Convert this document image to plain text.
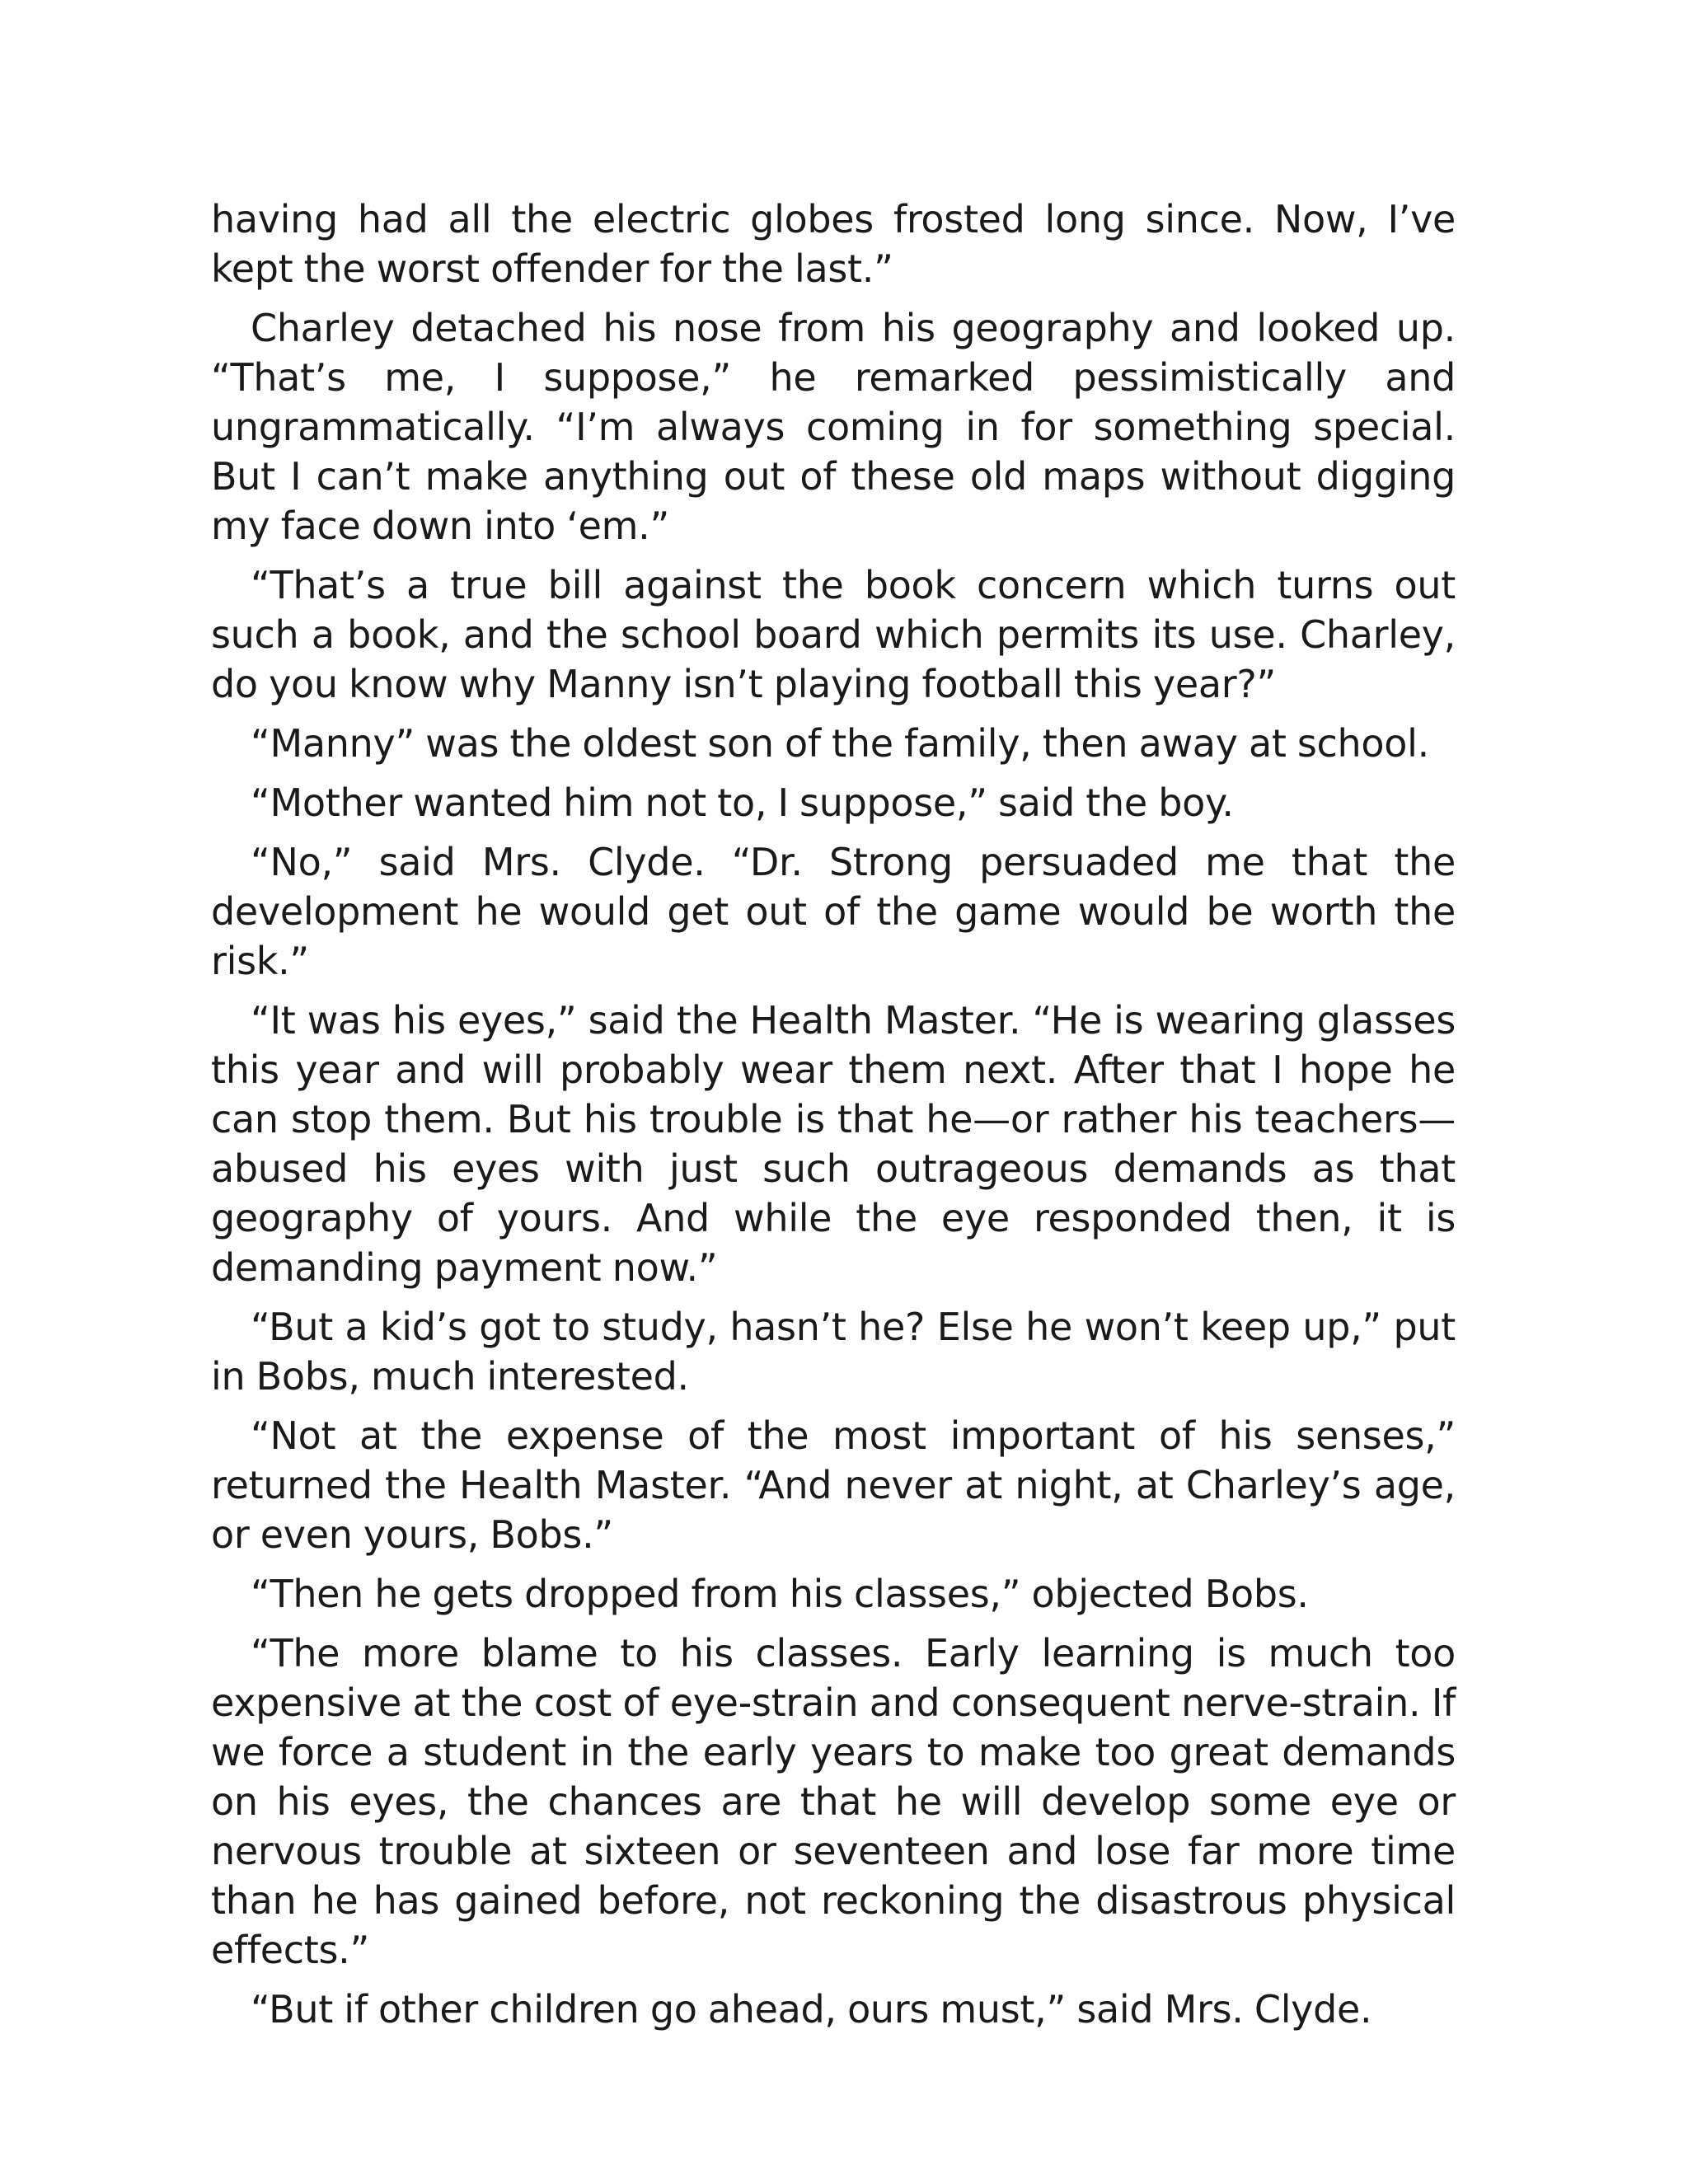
having had all the electric globes frosted long since. Now, I’ve kept the worst offender for the last.”

Charley detached his nose from his geography and looked up. “That’s me, I suppose,” he remarked pessimistically and ungrammatically. “I’m always coming in for something special. But I can’t make anything out of these old maps without digging my face down into ‘em.”

“That’s a true bill against the book concern which turns out such a book, and the school board which permits its use. Charley, do you know why Manny isn’t playing football this year?”

“Manny” was the oldest son of the family, then away at school.

“Mother wanted him not to, I suppose,” said the boy.

“No,” said Mrs. Clyde. “Dr. Strong persuaded me that the development he would get out of the game would be worth the risk.”

“It was his eyes,” said the Health Master. “He is wearing glasses this year and will probably wear them next. After that I hope he can stop them. But his trouble is that he—or rather his teachers—abused his eyes with just such outrageous demands as that geography of yours. And while the eye responded then, it is demanding payment now.”

“But a kid’s got to study, hasn’t he? Else he won’t keep up,” put in Bobs, much interested.

“Not at the expense of the most important of his senses,” returned the Health Master. “And never at night, at Charley’s age, or even yours, Bobs.”

“Then he gets dropped from his classes,” objected Bobs.

“The more blame to his classes. Early learning is much too expensive at the cost of eye-strain and consequent nerve-strain. If we force a student in the early years to make too great demands on his eyes, the chances are that he will develop some eye or nervous trouble at sixteen or seventeen and lose far more time than he has gained before, not reckoning the disastrous physical effects.”

“But if other children go ahead, ours must,” said Mrs. Clyde.
